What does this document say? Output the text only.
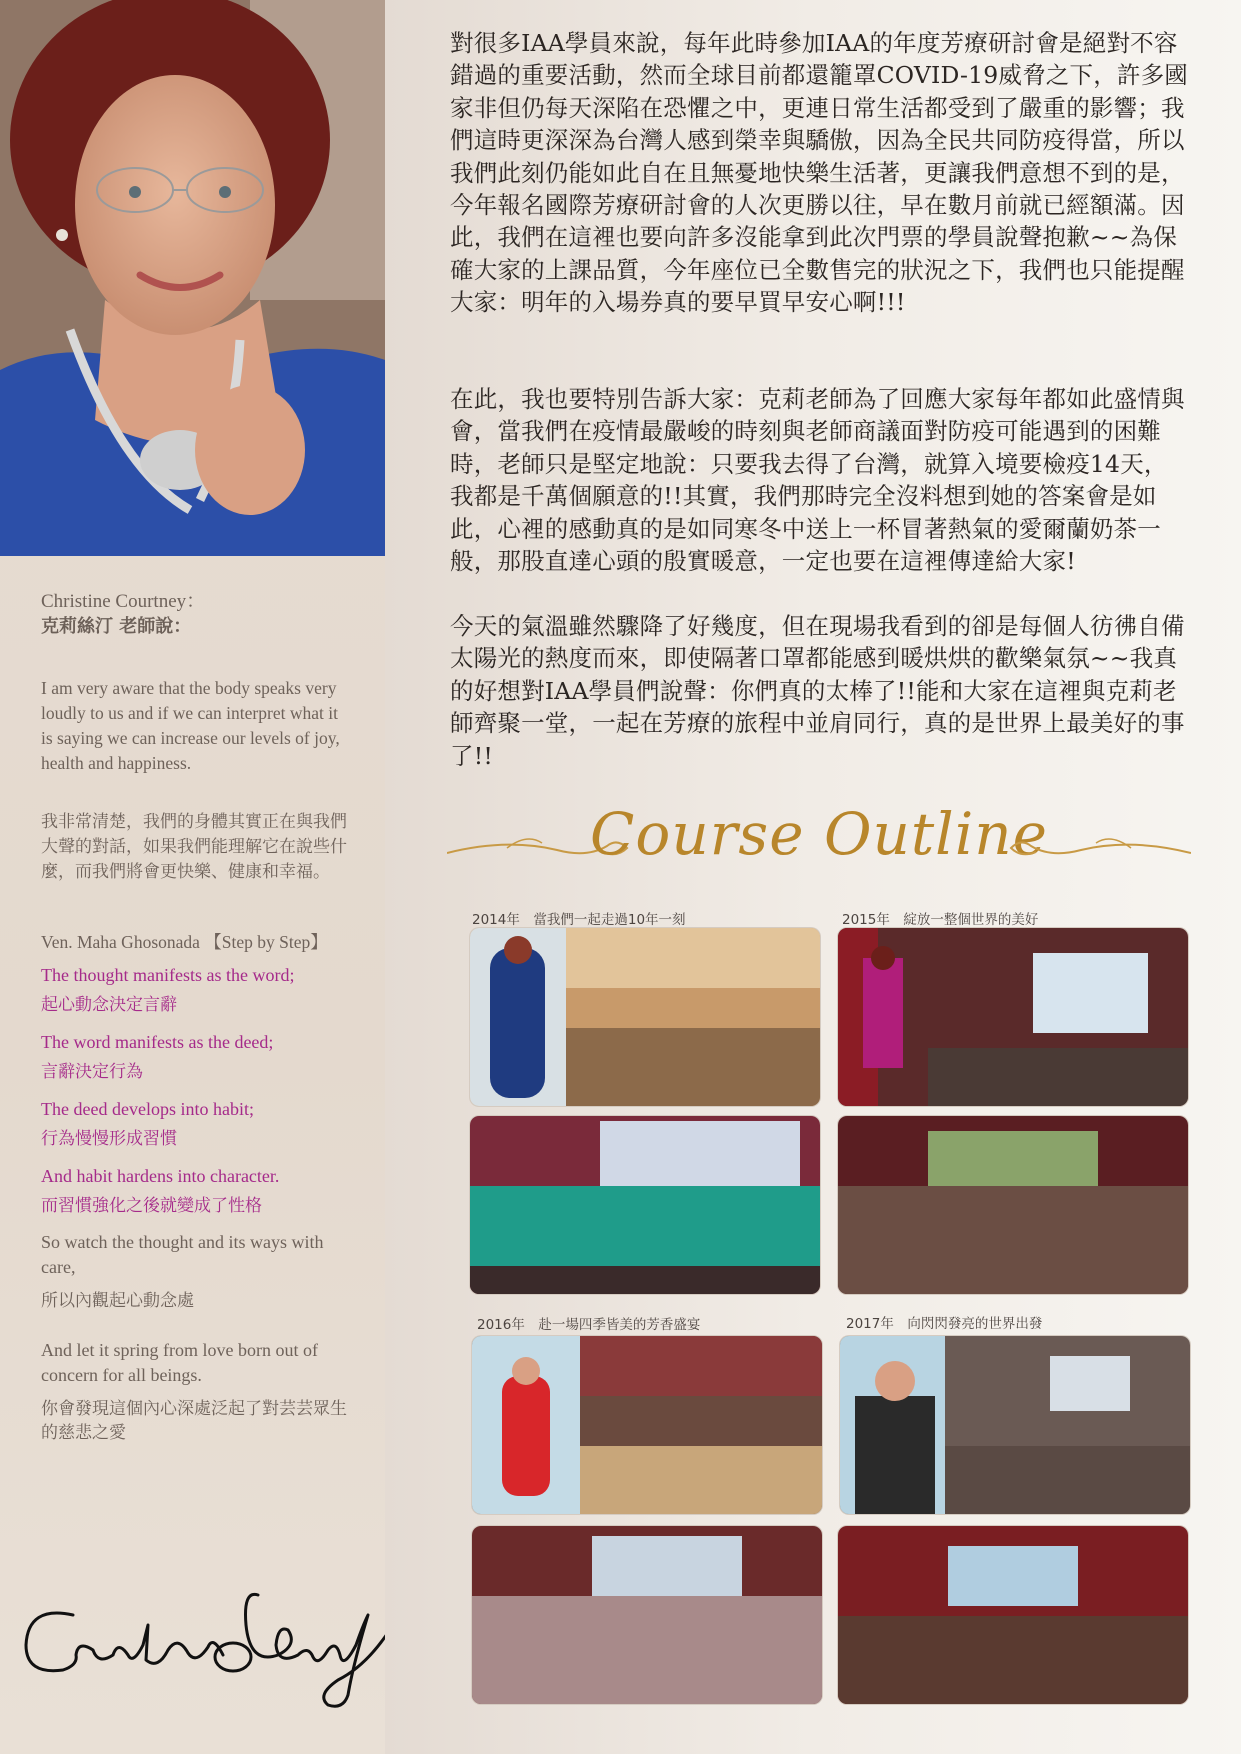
Christine Courtney：
克莉絲汀 老師說：
I am very aware that the body speaks very loudly to us and if we can interpret what it is saying we can increase our levels of joy, health and happiness.
我非常清楚，我們的身體其實正在與我們大聲的對話，如果我們能理解它在說些什麼，而我們將會更快樂、健康和幸福。
Ven. Maha Ghosonada 【Step by Step】
The thought manifests as the word;
起心動念決定言辭
The word manifests as the deed;
言辭決定行為
The deed develops into habit;
行為慢慢形成習慣
And habit hardens into character.
而習慣強化之後就變成了性格
So watch the thought and its ways with care,
所以內觀起心動念處
And let it spring from love born out of concern for all beings.
你會發現這個內心深處泛起了對芸芸眾生的慈悲之愛
對很多IAA學員來說，每年此時參加IAA的年度芳療研討會是絕對不容錯過的重要活動，然而全球目前都還籠罩COVID-19威脅之下，許多國家非但仍每天深陷在恐懼之中，更連日常生活都受到了嚴重的影響；我們這時更深深為台灣人感到榮幸與驕傲，因為全民共同防疫得當，所以我們此刻仍能如此自在且無憂地快樂生活著，更讓我們意想不到的是，今年報名國際芳療研討會的人次更勝以往，早在數月前就已經額滿。因此，我們在這裡也要向許多沒能拿到此次門票的學員說聲抱歉~~為保確大家的上課品質，今年座位已全數售完的狀況之下，我們也只能提醒大家：明年的入場券真的要早買早安心啊!!!
在此，我也要特別告訴大家：克莉老師為了回應大家每年都如此盛情與會，當我們在疫情最嚴峻的時刻與老師商議面對防疫可能遇到的困難時，老師只是堅定地說：只要我去得了台灣，就算入境要檢疫14天，我都是千萬個願意的!!其實，我們那時完全沒料想到她的答案會是如此，心裡的感動真的是如同寒冬中送上一杯冒著熱氣的愛爾蘭奶茶一般，那股直達心頭的殷實暖意，一定也要在這裡傳達給大家!
今天的氣溫雖然驟降了好幾度，但在現場我看到的卻是每個人彷彿自備太陽光的熱度而來，即使隔著口罩都能感到暖烘烘的歡樂氣氛~~我真的好想對IAA學員們說聲：你們真的太棒了!!能和大家在這裡與克莉老師齊聚一堂，一起在芳療的旅程中並肩同行，真的是世界上最美好的事了!!
Course Outline
2014年　當我們一起走過10年一刻	2015年　綻放一整個世界的美好
2016年　赴一場四季皆美的芳香盛宴	2017年　向閃閃發亮的世界出發
